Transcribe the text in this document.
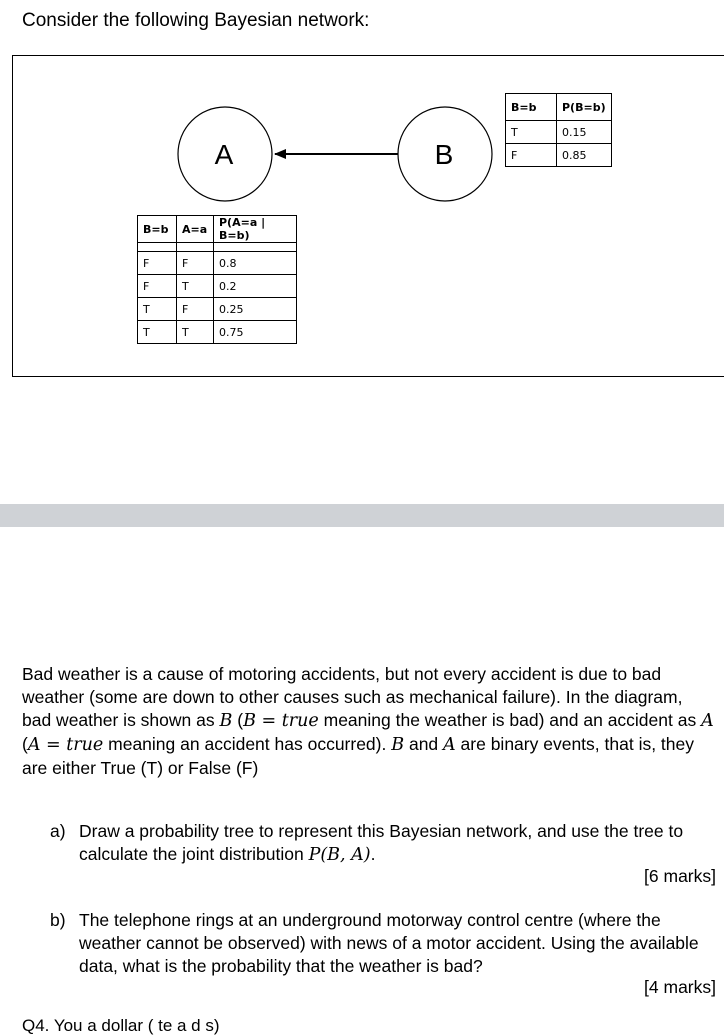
Consider the following Bayesian network:
A	B
B=b	P(B=b)
T	0.15
F	0.85
B=b	A=a	P(A=a | B=b)

F	F	0.8
F	T	0.2
T	F	0.25
T	T	0.75
Bad weather is a cause of motoring accidents, but not every accident is due to bad weather (some are down to other causes such as mechanical failure). In the diagram, bad weather is shown as B (B = true meaning the weather is bad) and an accident as A (A = true meaning an accident has occurred). B and A are binary events, that is, they are either True (T) or False (F)
a) Draw a probability tree to represent this Bayesian network, and use the tree to calculate the joint distribution P(B, A).
[6 marks]
b) The telephone rings at an underground motorway control centre (where the weather cannot be observed) with news of a motor accident. Using the available data, what is the probability that the weather is bad?
[4 marks]
Q4. You a dollar ( te a d s)
